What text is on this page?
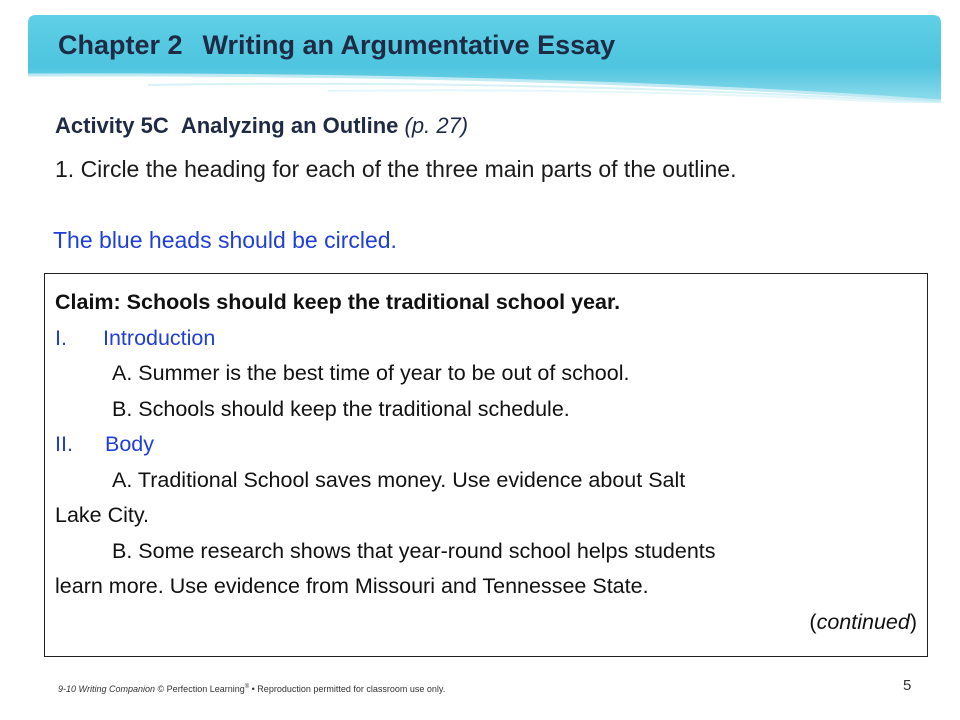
Chapter 2 Writing an Argumentative Essay
Activity 5C Analyzing an Outline (p. 27)
1. Circle the heading for each of the three main parts of the outline.
The blue heads should be circled.
Claim: Schools should keep the traditional school year.
I. Introduction
A. Summer is the best time of year to be out of school.
B. Schools should keep the traditional schedule.
II. Body
A. Traditional School saves money. Use evidence about Salt
Lake City.
B. Some research shows that year-round school helps students
learn more. Use evidence from Missouri and Tennessee State.
(continued)
9-10 Writing Companion © Perfection Learning® • Reproduction permitted for classroom use only.	5
